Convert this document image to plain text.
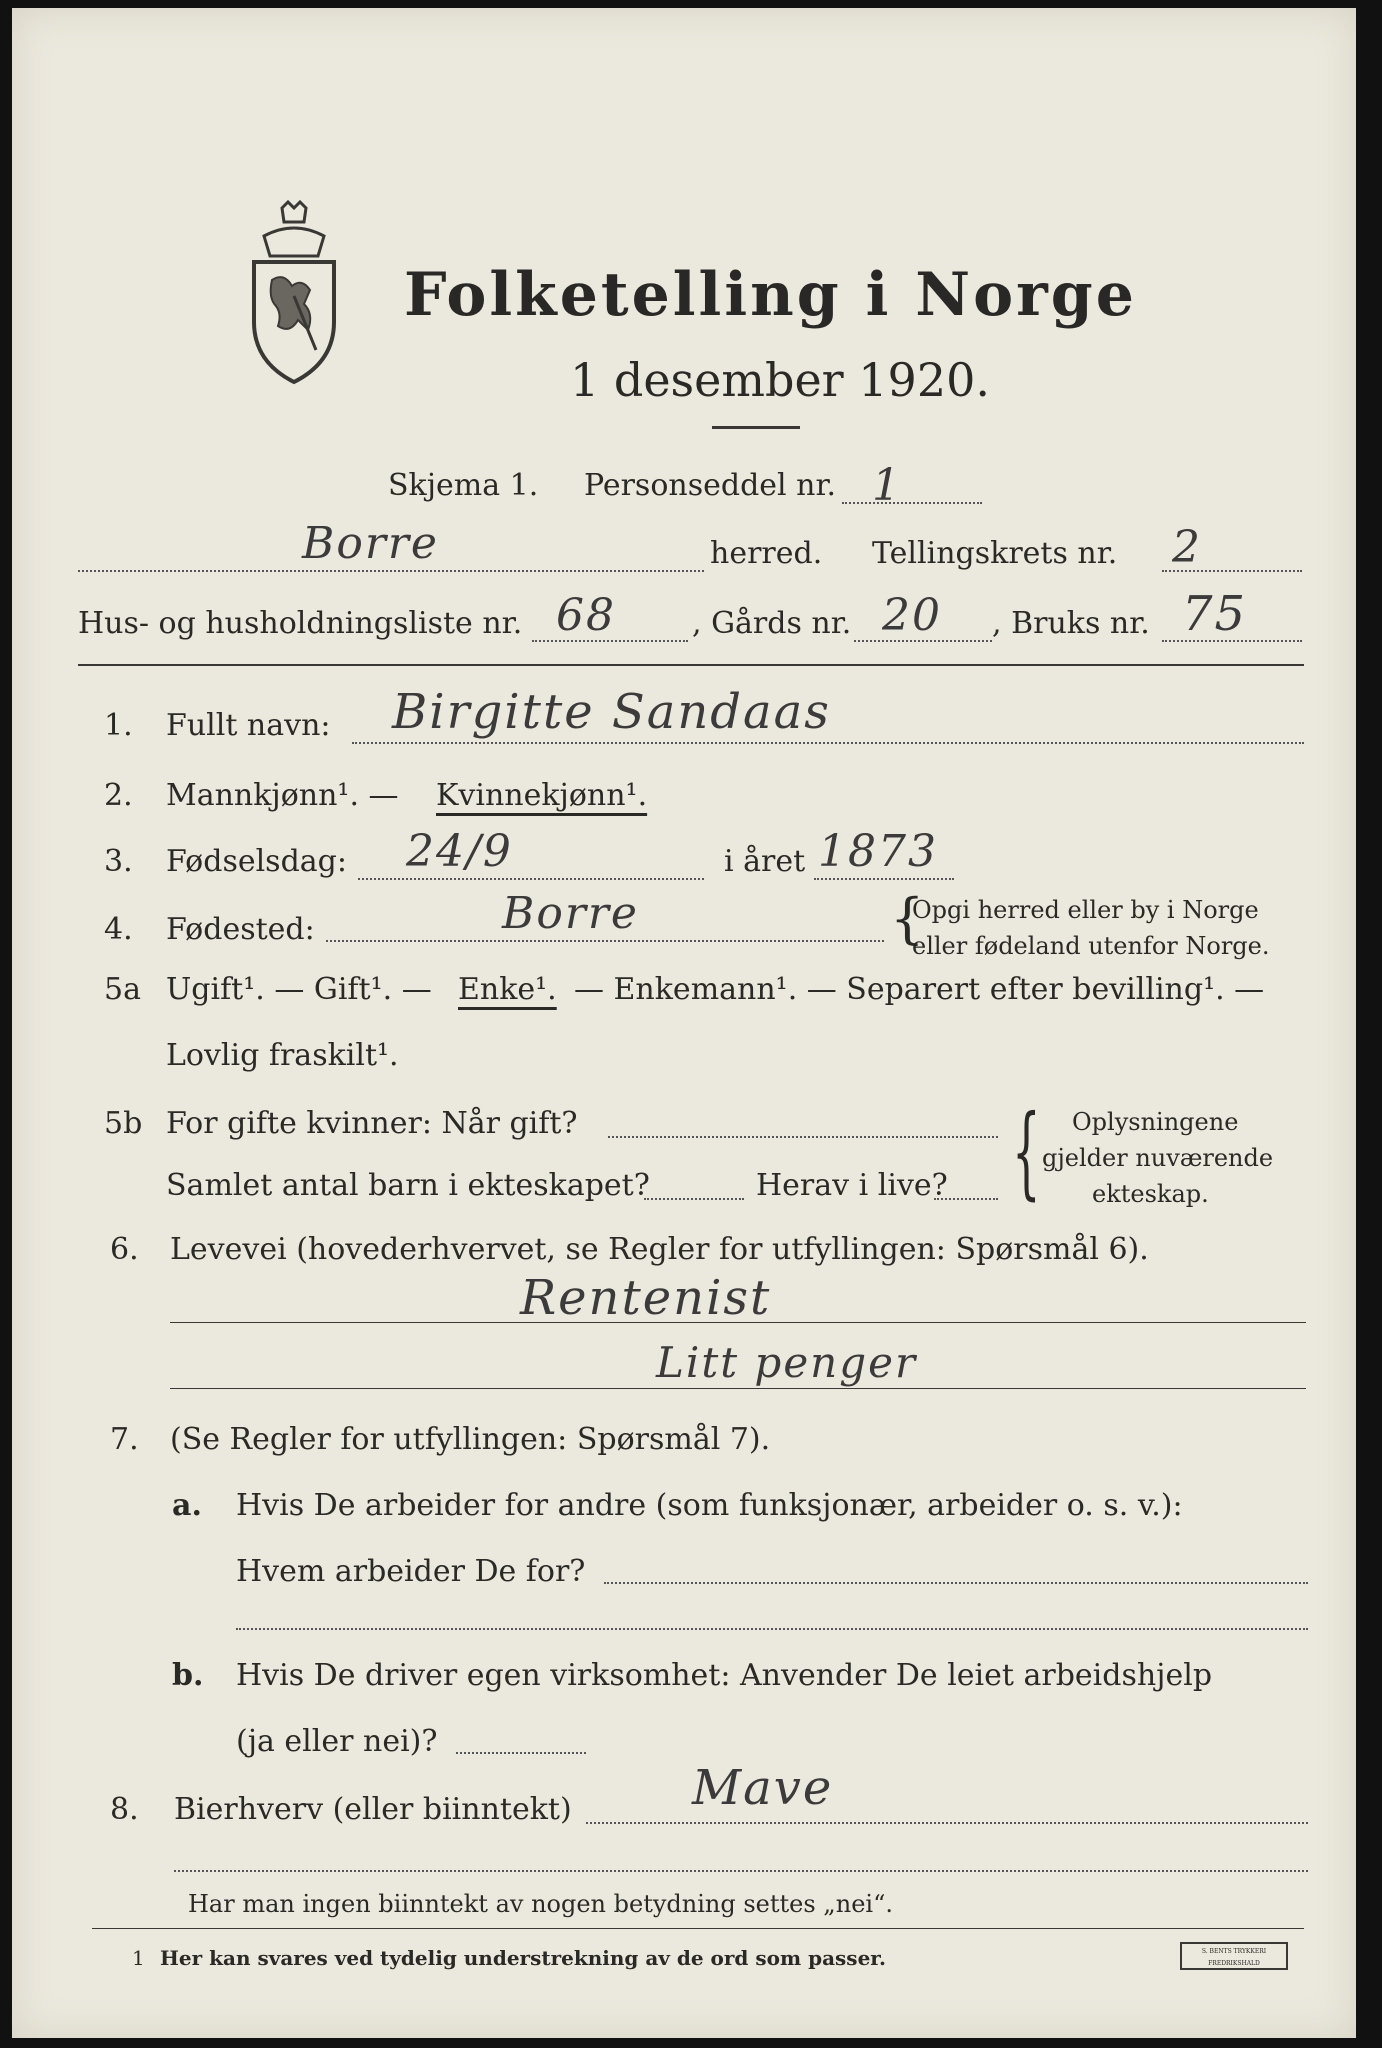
Folketelling i Norge
1 desember 1920.
Skjema 1. Personseddel nr. 1
Borre	herred. Tellingskrets nr. 2
Hus- og husholdningsliste nr. 68	, Gårds nr. 20 , Bruks nr. 75
1. Fullt navn: Birgitte Sandaas
2. Mannkjønn¹. — Kvinnekjønn¹.
3. Fødselsdag: 24/9	i året 1873
4. Fødested:	Borre	{
Opgi herred eller by i Norge
eller fødeland utenfor Norge.
5a Ugift¹. — Gift¹. — Enke¹. — Enkemann¹. — Separert efter bevilling¹. —
Lovlig fraskilt¹.
5b For gifte kvinner: Når gift?
Samlet antal barn i ekteskapet?	Herav i live? { Oplysningene
gjelder nuværende
ekteskap.
6. Levevei (hovederhvervet, se Regler for utfyllingen: Spørsmål 6).
Rentenist
Litt penger
7. (Se Regler for utfyllingen: Spørsmål 7).
a. Hvis De arbeider for andre (som funksjonær, arbeider o. s. v.):
Hvem arbeider De for?
b. Hvis De driver egen virksomhet: Anvender De leiet arbeidshjelp
(ja eller nei)?
8. Bierhverv (eller biinntekt)	Mave
Har man ingen biinntekt av nogen betydning settes „nei“.
1 Her kan svares ved tydelig understrekning av de ord som passer.	S. BENTS TRYKKERI FREDRIKSHALD
